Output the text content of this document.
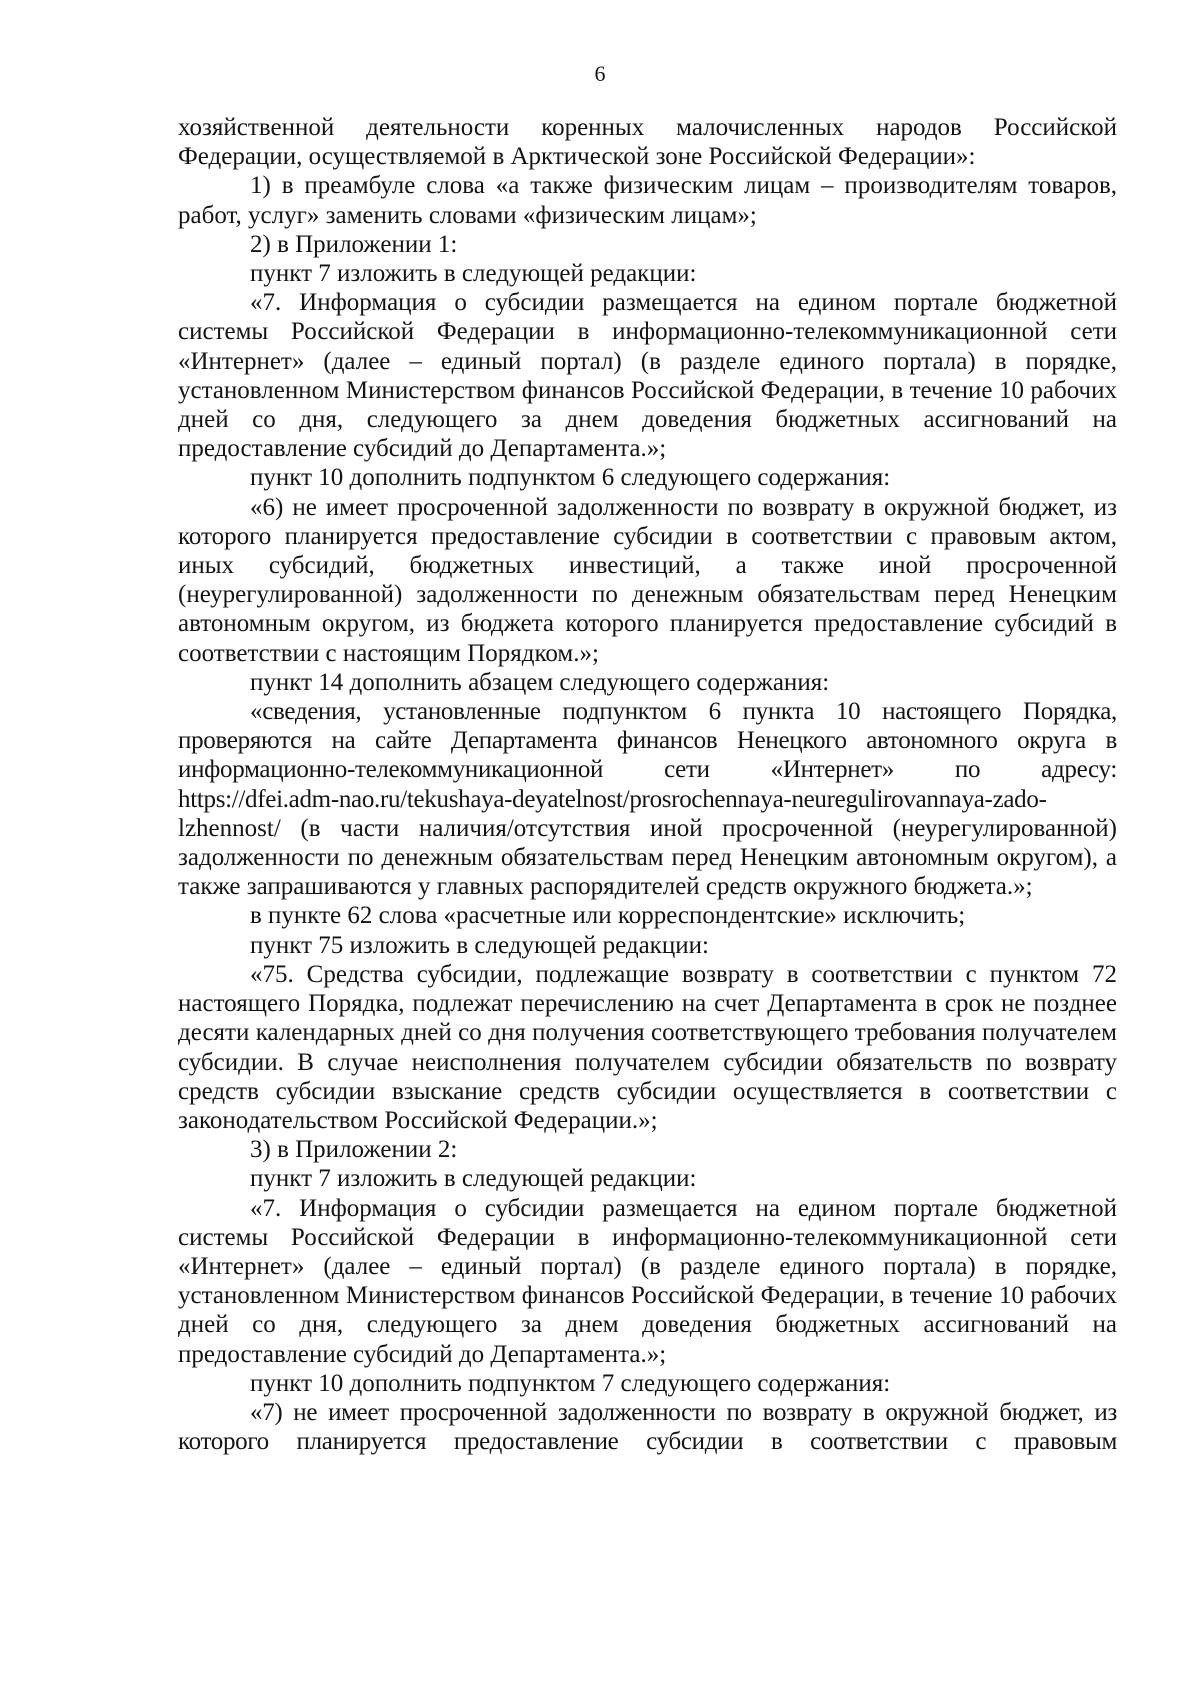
6

хозяйственной деятельности коренных малочисленных народов Российской Федерации, осуществляемой в Арктической зоне Российской Федерации»:

1) в преамбуле слова «а также физическим лицам – производителям товаров, работ, услуг» заменить словами «физическим лицам»;

2) в Приложении 1:

пункт 7 изложить в следующей редакции:

«7. Информация о субсидии размещается на едином портале бюджетной системы Российской Федерации в информационно-телекоммуникационной сети «Интернет» (далее – единый портал) (в разделе единого портала) в порядке, установленном Министерством финансов Российской Федерации, в течение 10 рабочих дней со дня, следующего за днем доведения бюджетных ассигнований на предоставление субсидий до Департамента.»;

пункт 10 дополнить подпунктом 6 следующего содержания:

«6) не имеет просроченной задолженности по возврату в окружной бюджет, из которого планируется предоставление субсидии в соответствии с правовым актом, иных субсидий, бюджетных инвестиций, а также иной просроченной (неурегулированной) задолженности по денежным обязательствам перед Ненецким автономным округом, из бюджета которого планируется предоставление субсидий в соответствии с настоящим Порядком.»;

пункт 14 дополнить абзацем следующего содержания:

«сведения, установленные подпунктом 6 пункта 10 настоящего Порядка, проверяются на сайте Департамента финансов Ненецкого автономного округа в информационно-телекоммуникационной сети «Интернет» по адресу:

https://dfei.adm-nao.ru/tekushaya-deyatelnost/prosrochennaya-neuregulirovannaya-zado-

lzhennost/ (в части наличия/отсутствия иной просроченной (неурегулированной) задолженности по денежным обязательствам перед Ненецким автономным округом), а также запрашиваются у главных распорядителей средств окружного бюджета.»;

в пункте 62 слова «расчетные или корреспондентские» исключить;

пункт 75 изложить в следующей редакции:

«75. Средства субсидии, подлежащие возврату в соответствии с пунктом 72 настоящего Порядка, подлежат перечислению на счет Департамента в срок не позднее десяти календарных дней со дня получения соответствующего требования получателем субсидии. В случае неисполнения получателем субсидии обязательств по возврату средств субсидии взыскание средств субсидии осуществляется в соответствии с законодательством Российской Федерации.»;

3) в Приложении 2:

пункт 7 изложить в следующей редакции:

«7. Информация о субсидии размещается на едином портале бюджетной системы Российской Федерации в информационно-телекоммуникационной сети «Интернет» (далее – единый портал) (в разделе единого портала) в порядке, установленном Министерством финансов Российской Федерации, в течение 10 рабочих дней со дня, следующего за днем доведения бюджетных ассигнований на предоставление субсидий до Департамента.»;

пункт 10 дополнить подпунктом 7 следующего содержания:

«7) не имеет просроченной задолженности по возврату в окружной бюджет, из которого планируется предоставление субсидии в соответствии с правовым
